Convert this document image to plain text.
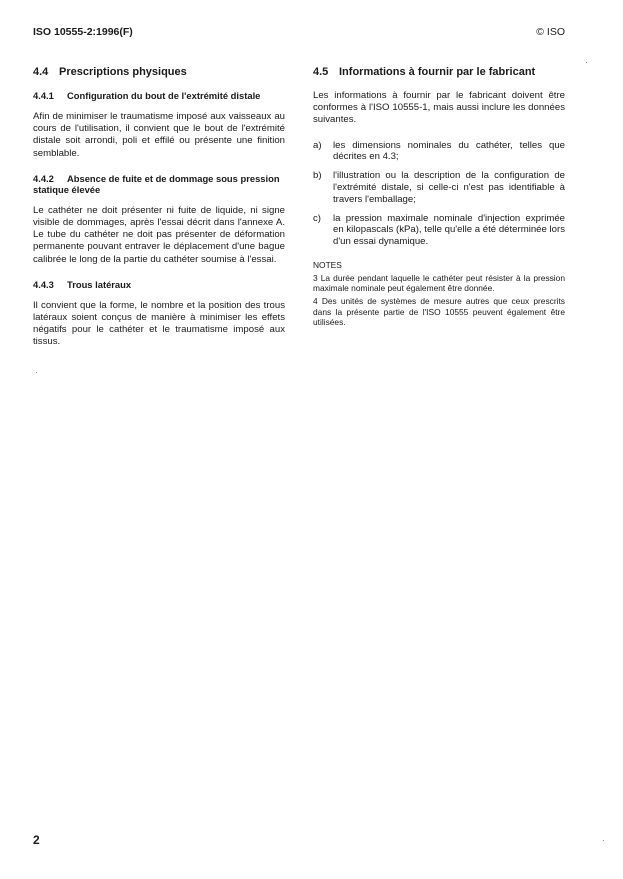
ISO 10555-2:1996(F)	© ISO
4.4 Prescriptions physiques
4.4.1 Configuration du bout de l'extrémité distale

Afin de minimiser le traumatisme imposé aux vaisseaux au cours de l'utilisation, il convient que le bout de l'extrémité distale soit arrondi, poli et effilé ou présente une finition semblable.

4.4.2 Absence de fuite et de dommage sous pression statique élevée

Le cathéter ne doit présenter ni fuite de liquide, ni signe visible de dommages, après l'essai décrit dans l'annexe A. Le tube du cathéter ne doit pas présenter de déformation permanente pouvant entraver le déplacement d'une bague calibrée le long de la partie du cathéter soumise à l'essai.

4.4.3 Trous latéraux

Il convient que la forme, le nombre et la position des trous latéraux soient conçus de manière à minimiser les effets négatifs pour le cathéter et le traumatisme imposé aux tissus.

4.5 Informations à fournir par le fabricant

Les informations à fournir par le fabricant doivent être conformes à l'ISO 10555-1, mais aussi inclure les données suivantes.

a)	les dimensions nominales du cathéter, telles que décrites en 4.3;
b)	l'illustration ou la description de la configuration de l'extrémité distale, si celle-ci n'est pas identifiable à travers l'emballage;
c)	la pression maximale nominale d'injection exprimée en kilopascals (kPa), telle qu'elle a été déterminée lors d'un essai dynamique.
NOTES
3 La durée pendant laquelle le cathéter peut résister à la pression maximale nominale peut également être donnée.
4 Des unités de systèmes de mesure autres que ceux prescrits dans la présente partie de l'ISO 10555 peuvent également être utilisées.
2
